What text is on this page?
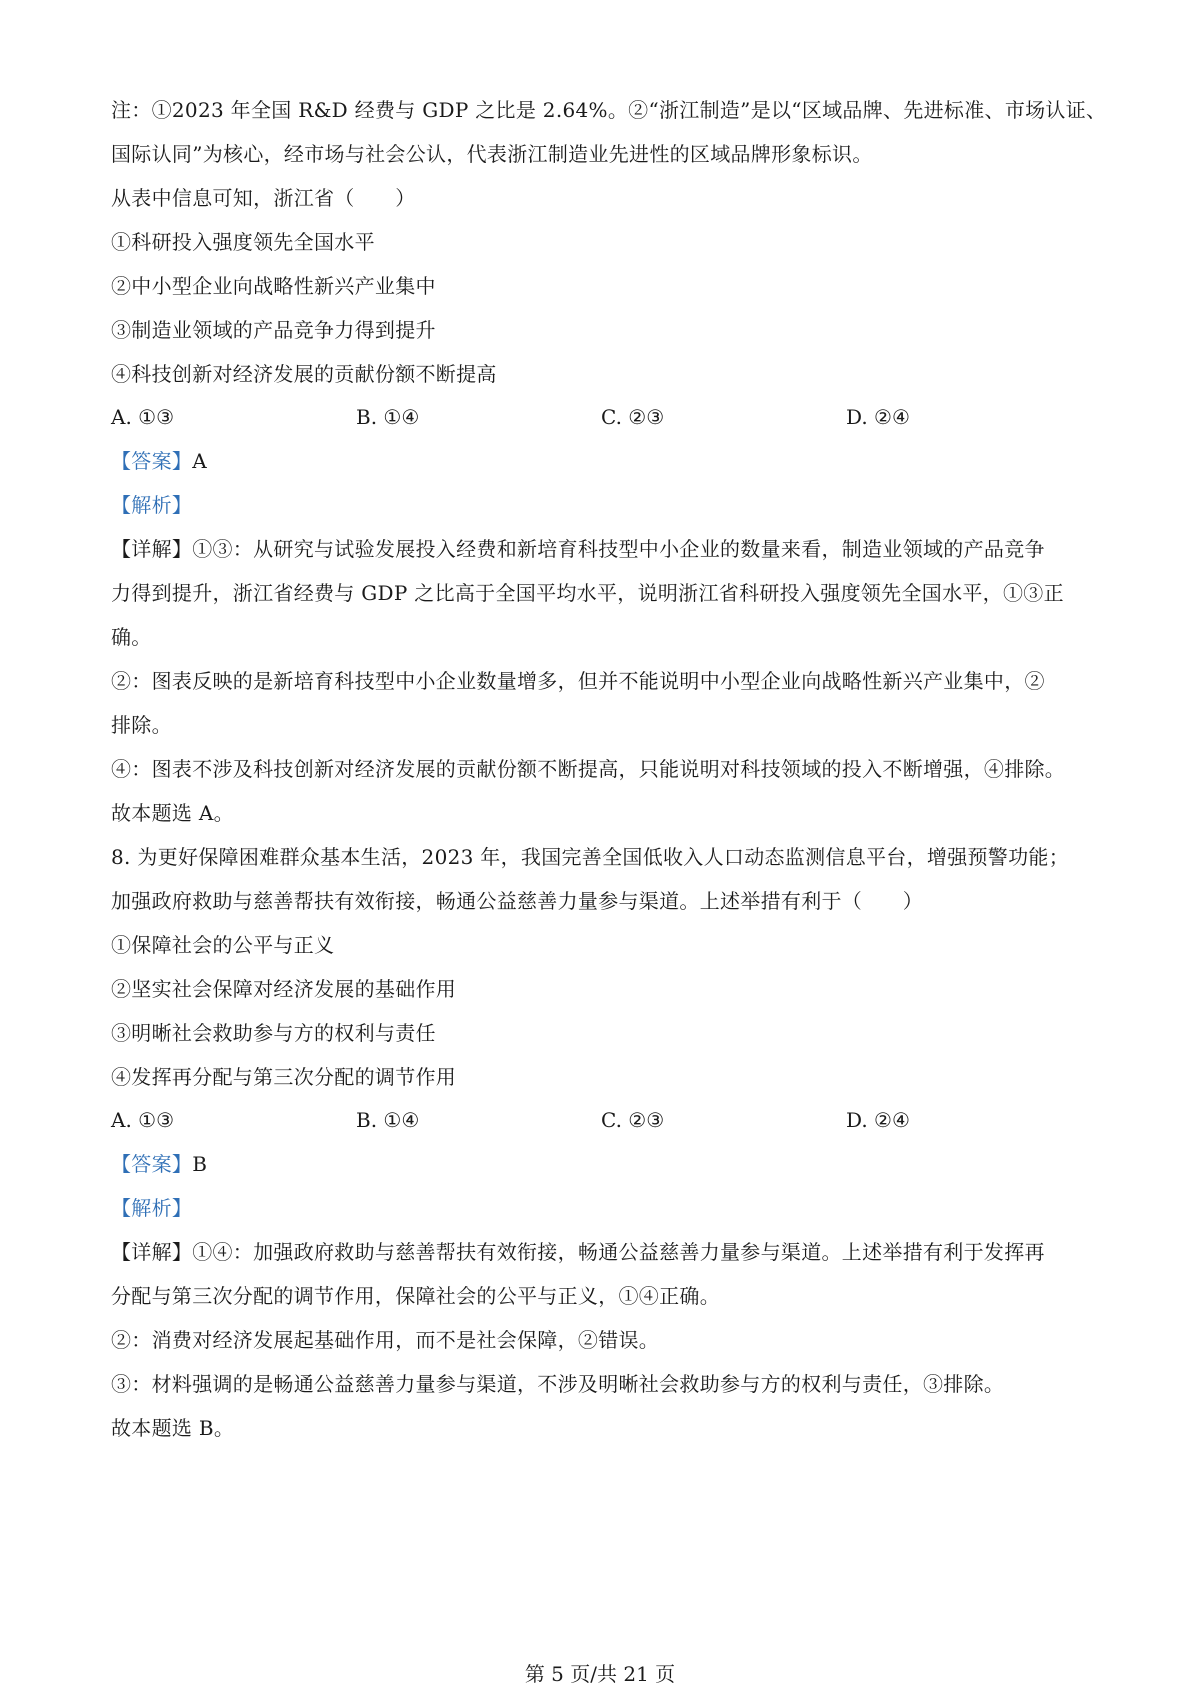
注：①2023 年全国 R&D 经费与 GDP 之比是 2.64%。②“浙江制造”是以“区域品牌、先进标准、市场认证、
国际认同”为核心，经市场与社会公认，代表浙江制造业先进性的区域品牌形象标识。
从表中信息可知，浙江省（　　）
①科研投入强度领先全国水平
②中小型企业向战略性新兴产业集中
③制造业领域的产品竞争力得到提升
④科技创新对经济发展的贡献份额不断提高
A. ①③	B. ①④	C. ②③	D. ②④
【答案】A
【解析】
【详解】①③：从研究与试验发展投入经费和新培育科技型中小企业的数量来看，制造业领域的产品竞争
力得到提升，浙江省经费与 GDP 之比高于全国平均水平，说明浙江省科研投入强度领先全国水平，①③正
确。
②：图表反映的是新培育科技型中小企业数量增多，但并不能说明中小型企业向战略性新兴产业集中，②
排除。
④：图表不涉及科技创新对经济发展的贡献份额不断提高，只能说明对科技领域的投入不断增强，④排除。
故本题选 A。
8. 为更好保障困难群众基本生活，2023 年，我国完善全国低收入人口动态监测信息平台，增强预警功能；
加强政府救助与慈善帮扶有效衔接，畅通公益慈善力量参与渠道。上述举措有利于（　　）
①保障社会的公平与正义
②坚实社会保障对经济发展的基础作用
③明晰社会救助参与方的权利与责任
④发挥再分配与第三次分配的调节作用
A. ①③	B. ①④	C. ②③	D. ②④
【答案】B
【解析】
【详解】①④：加强政府救助与慈善帮扶有效衔接，畅通公益慈善力量参与渠道。上述举措有利于发挥再
分配与第三次分配的调节作用，保障社会的公平与正义，①④正确。
②：消费对经济发展起基础作用，而不是社会保障，②错误。
③：材料强调的是畅通公益慈善力量参与渠道，不涉及明晰社会救助参与方的权利与责任，③排除。
故本题选 B。
第 5 页/共 21 页
